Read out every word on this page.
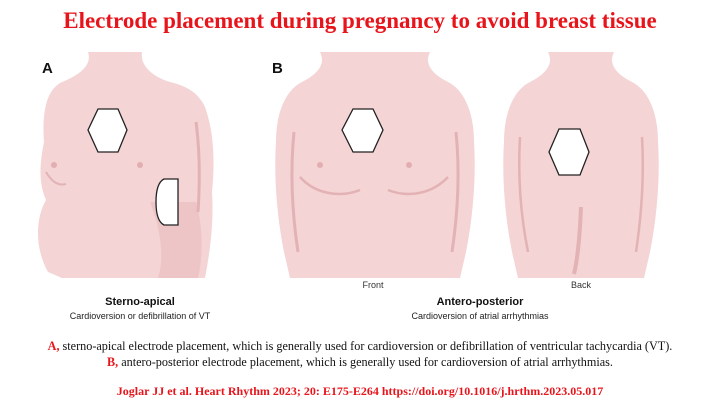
Electrode placement during pregnancy to avoid breast tissue
A	B
Front	Back
Sterno-apical
Cardioversion or defibrillation of VT
Antero-posterior
Cardioversion of atrial arrhythmias
A, sterno-apical electrode placement, which is generally used for cardioversion or defibrillation of ventricular tachycardia (VT).
B, antero-posterior electrode placement, which is generally used for cardioversion of atrial arrhythmias.
Joglar JJ et al. Heart Rhythm 2023; 20: E175-E264 https://doi.org/10.1016/j.hrthm.2023.05.017
